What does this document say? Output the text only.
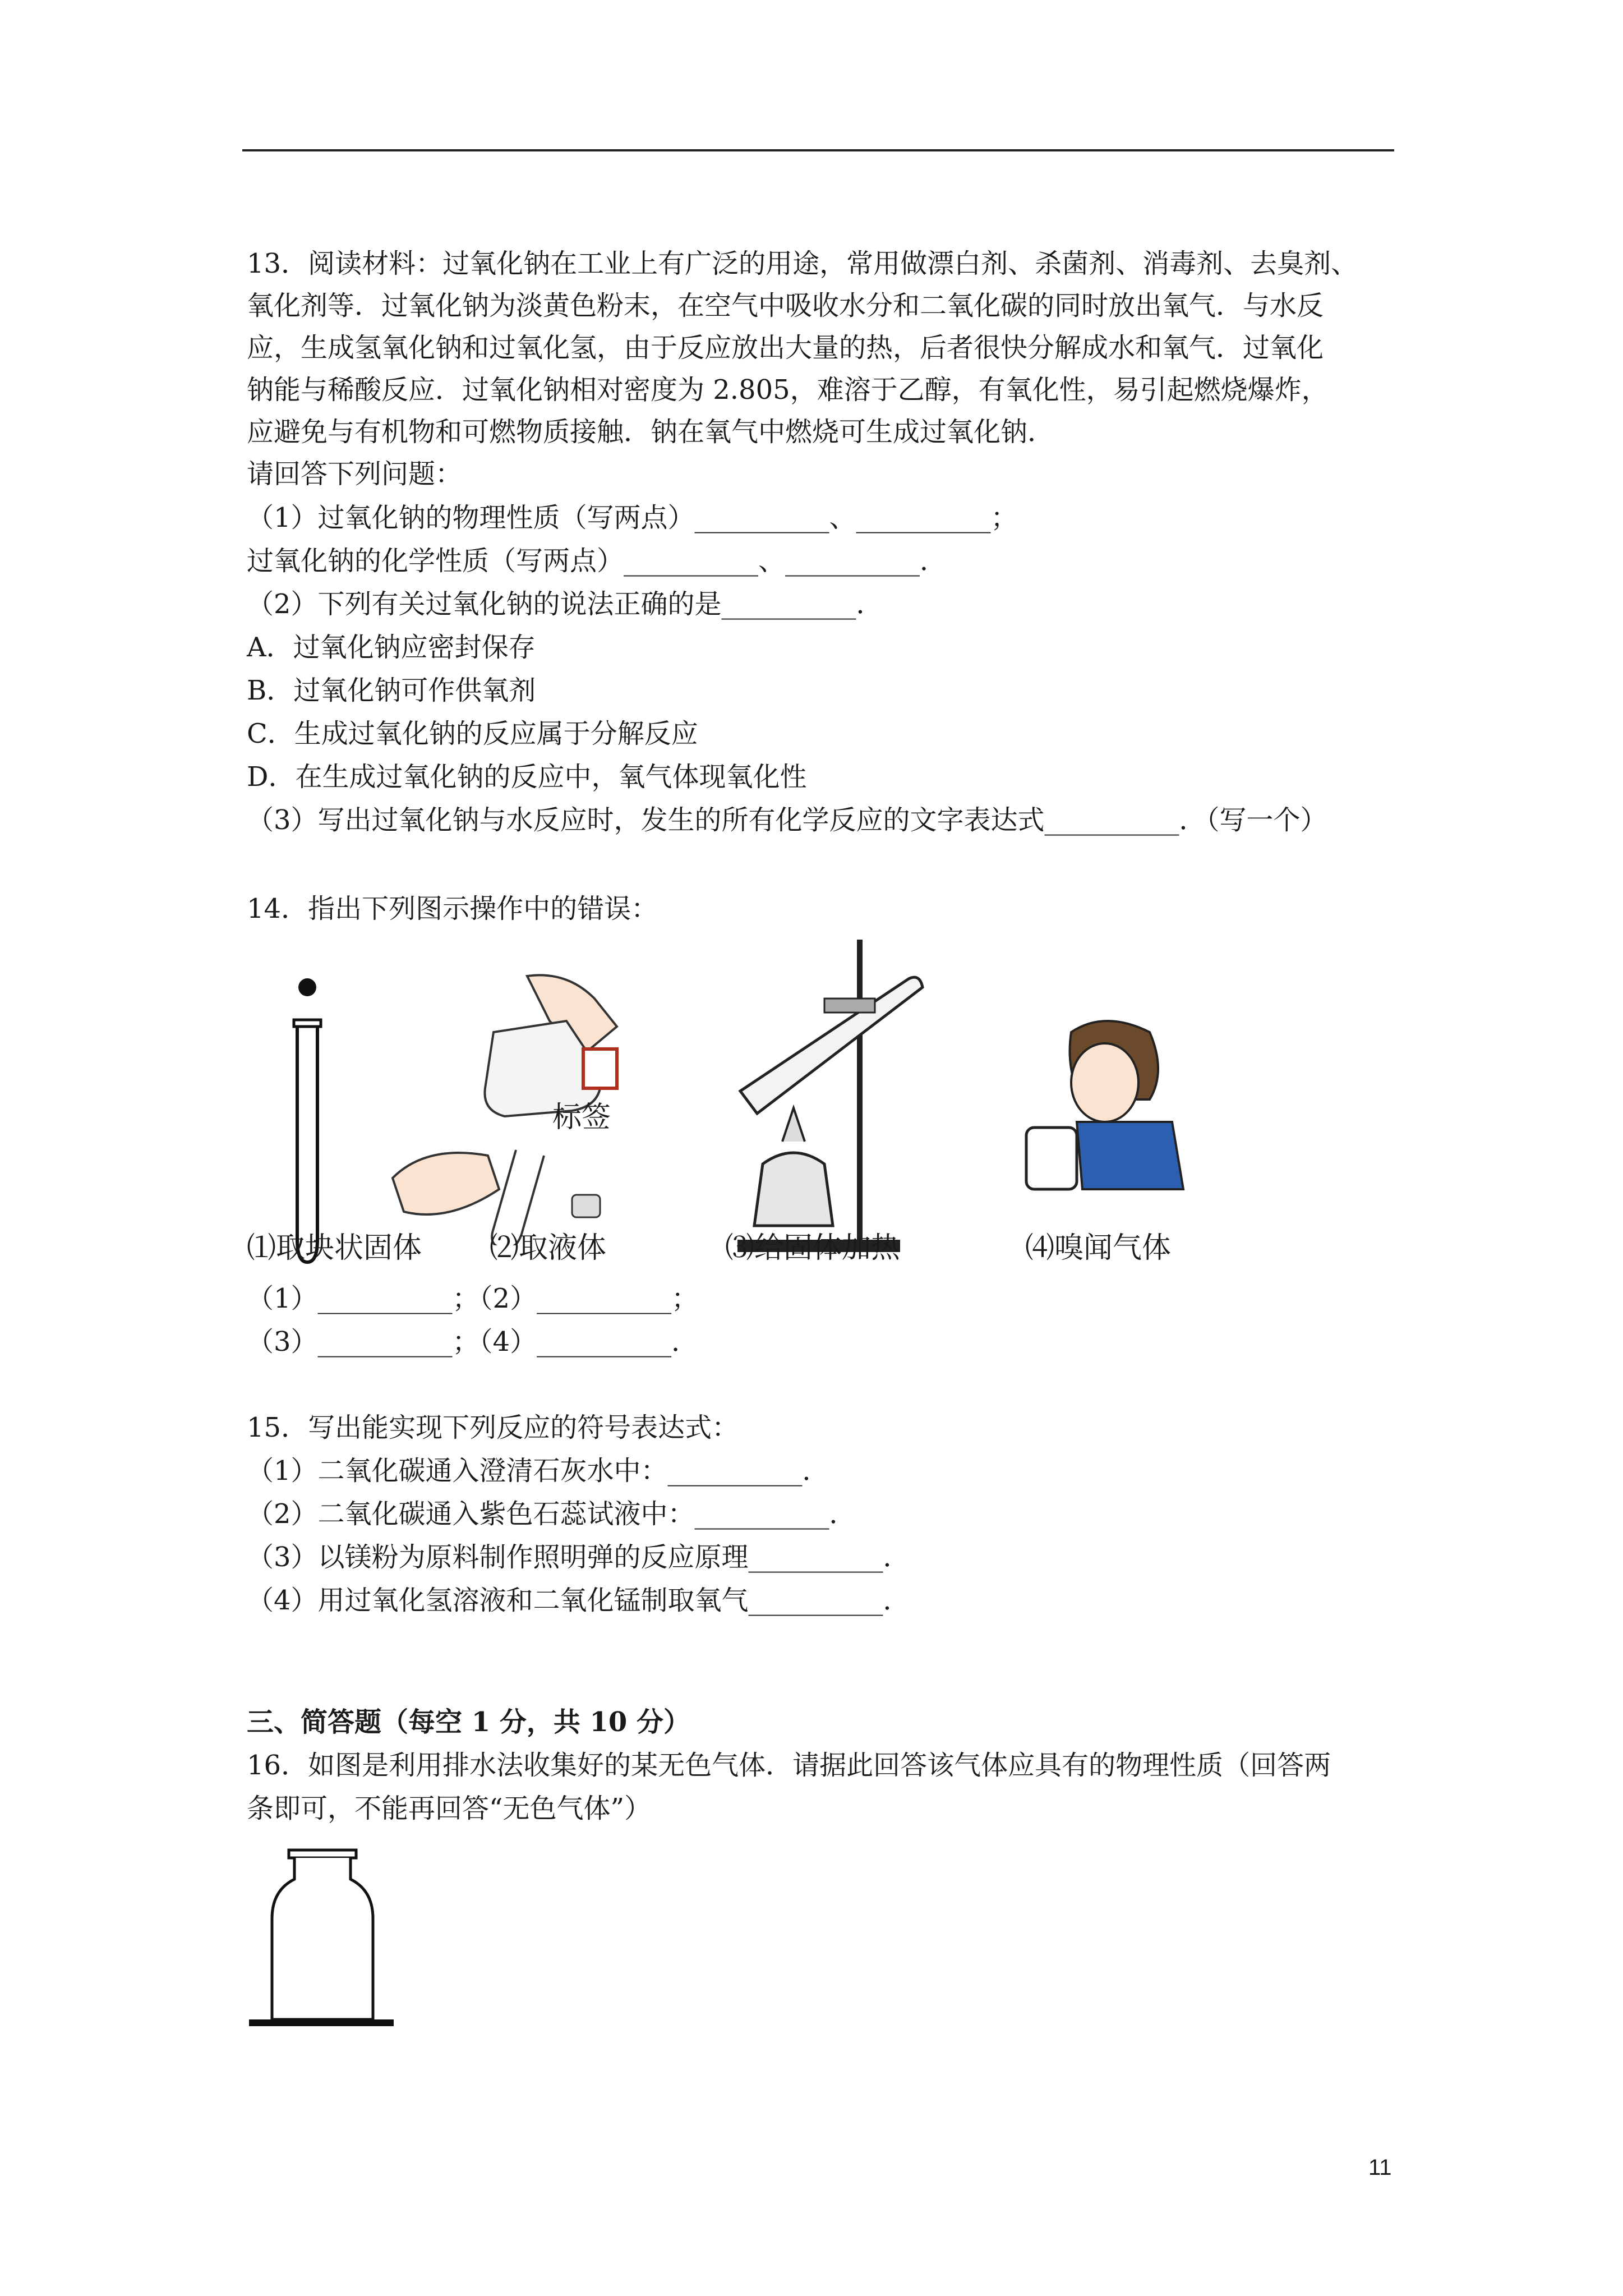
13．阅读材料：过氧化钠在工业上有广泛的用途，常用做漂白剂、杀菌剂、消毒剂、去臭剂、
氧化剂等．过氧化钠为淡黄色粉末，在空气中吸收水分和二氧化碳的同时放出氧气．与水反
应，生成氢氧化钠和过氧化氢，由于反应放出大量的热，后者很快分解成水和氧气．过氧化
钠能与稀酸反应．过氧化钠相对密度为 2.805，难溶于乙醇，有氧化性，易引起燃烧爆炸，
应避免与有机物和可燃物质接触．钠在氧气中燃烧可生成过氧化钠．
请回答下列问题：
（1）过氧化钠的物理性质（写两点）__________、__________；
过氧化钠的化学性质（写两点）__________、__________．
（2）下列有关过氧化钠的说法正确的是__________．
A．过氧化钠应密封保存
B．过氧化钠可作供氧剂
C．生成过氧化钠的反应属于分解反应
D．在生成过氧化钠的反应中，氧气体现氧化性
（3）写出过氧化钠与水反应时，发生的所有化学反应的文字表达式__________．（写一个）
14．指出下列图示操作中的错误：
标签
⑴取块状固体 ⑵取液体	⑶给固体加热	⑷嗅闻气体
（1）__________；（2）__________；
（3）__________；（4）__________．
15．写出能实现下列反应的符号表达式：
（1）二氧化碳通入澄清石灰水中：__________．
（2）二氧化碳通入紫色石蕊试液中：__________．
（3）以镁粉为原料制作照明弹的反应原理__________．
（4）用过氧化氢溶液和二氧化锰制取氧气__________．
三、简答题（每空 1 分，共 10 分）
16．如图是利用排水法收集好的某无色气体．请据此回答该气体应具有的物理性质（回答两
条即可，不能再回答“无色气体”）
11
